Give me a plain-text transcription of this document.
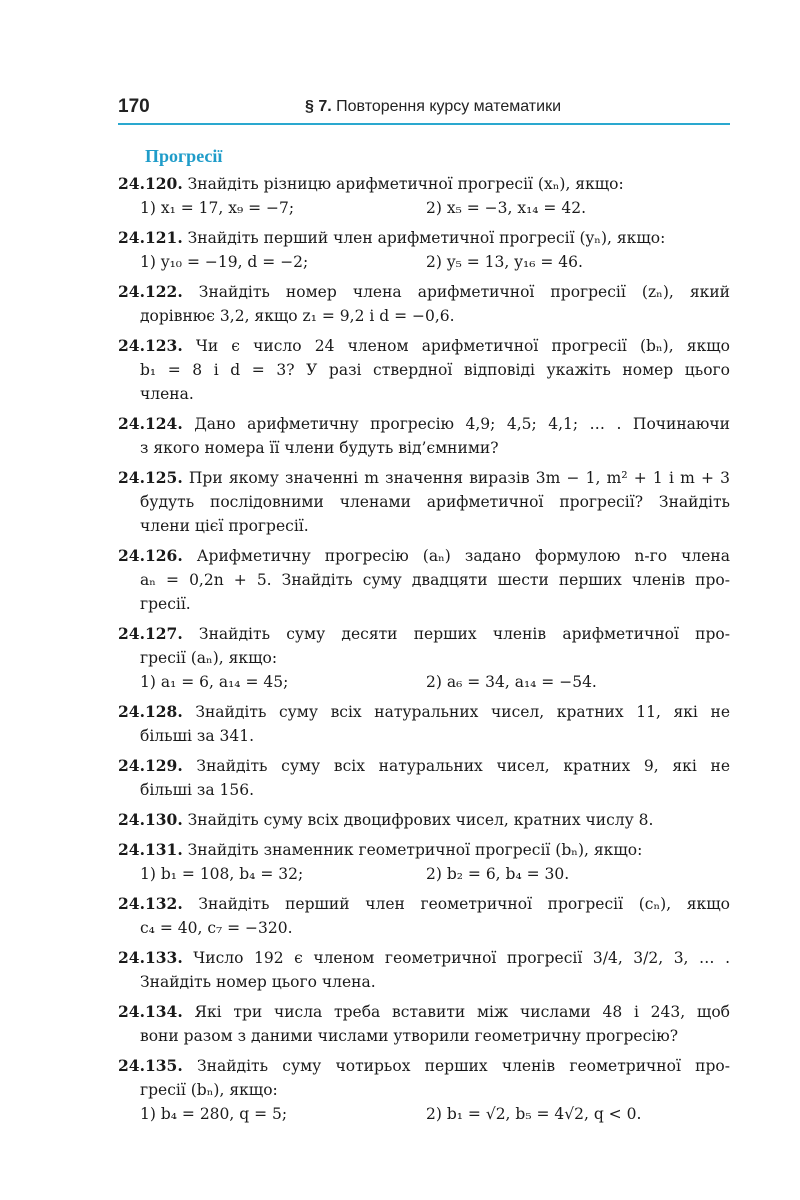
170	§ 7. Повторення курсу математики
Прогресії
24.120. Знайдіть різницю арифметичної прогресії (xₙ), якщо:
1) x₁ = 17, x₉ = −7;	2) x₅ = −3, x₁₄ = 42.
24.121. Знайдіть перший член арифметичної прогресії (yₙ), якщо:
1) y₁₀ = −19, d = −2;	2) y₅ = 13, y₁₆ = 46.
24.122. Знайдіть номер члена арифметичної прогресії (zₙ), який
дорівнює 3,2, якщо z₁ = 9,2 і d = −0,6.
24.123. Чи є число 24 членом арифметичної прогресії (bₙ), якщо
b₁ = 8 і d = 3? У разі ствердної відповіді укажіть номер цього
члена.
24.124. Дано арифметичну прогресію 4,9; 4,5; 4,1; … . Починаючи
з якого номера її члени будуть від’ємними?
24.125. При якому значенні m значення виразів 3m − 1, m² + 1 і m + 3
будуть послідовними членами арифметичної прогресії? Знайдіть
члени цієї прогресії.
24.126. Арифметичну прогресію (aₙ) задано формулою n-го члена
aₙ = 0,2n + 5. Знайдіть суму двадцяти шести перших членів про-
гресії.
24.127. Знайдіть суму десяти перших членів арифметичної про-
гресії (aₙ), якщо:
1) a₁ = 6, a₁₄ = 45;	2) a₆ = 34, a₁₄ = −54.
24.128. Знайдіть суму всіх натуральних чисел, кратних 11, які не
більші за 341.
24.129. Знайдіть суму всіх натуральних чисел, кратних 9, які не
більші за 156.
24.130. Знайдіть суму всіх двоцифрових чисел, кратних числу 8.
24.131. Знайдіть знаменник геометричної прогресії (bₙ), якщо:
1) b₁ = 108, b₄ = 32;	2) b₂ = 6, b₄ = 30.
24.132. Знайдіть перший член геометричної прогресії (cₙ), якщо
c₄ = 40, c₇ = −320.
24.133. Число 192 є членом геометричної прогресії 3/4, 3/2, 3, … .
Знайдіть номер цього члена.
24.134. Які три числа треба вставити між числами 48 і 243, щоб
вони разом з даними числами утворили геометричну прогресію?
24.135. Знайдіть суму чотирьох перших членів геометричної про-
гресії (bₙ), якщо:
1) b₄ = 280, q = 5;	2) b₁ = √2, b₅ = 4√2, q < 0.
